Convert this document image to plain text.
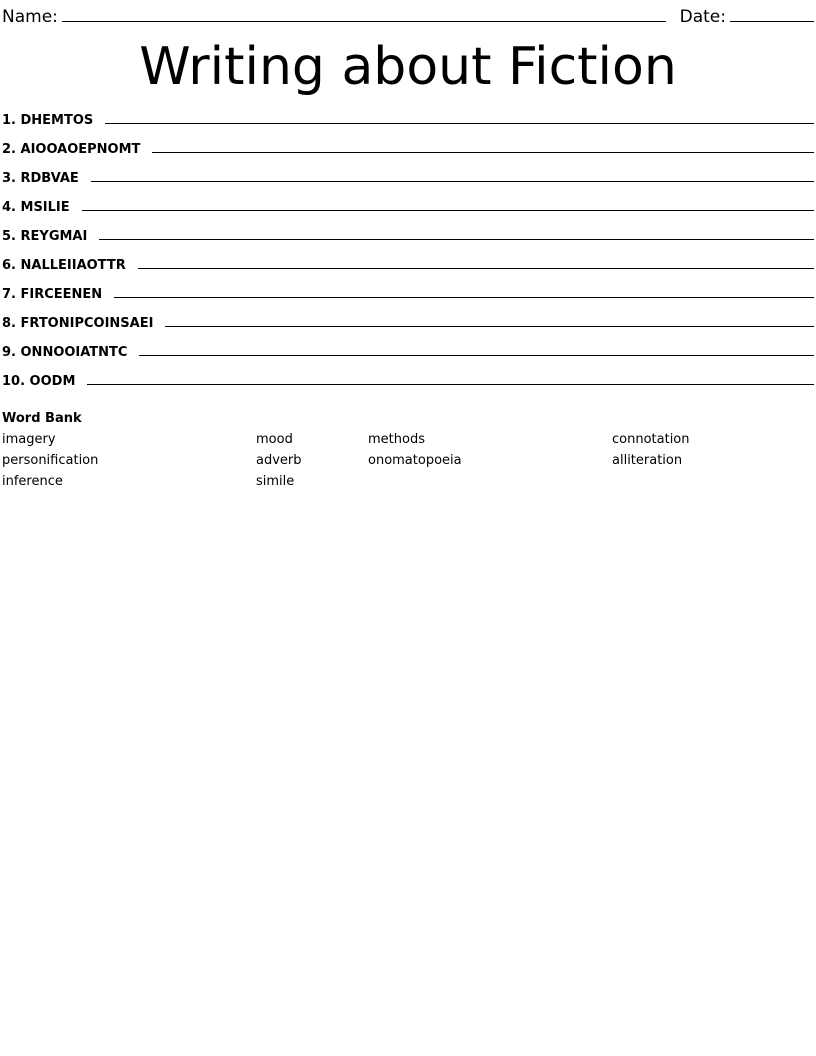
Name:	Date:
Writing about Fiction
1. DHEMTOS
2. AIOOAOEPNOMT
3. RDBVAE
4. MSILIE
5. REYGMAI
6. NALLEIIAOTTR
7. FIRCEENEN
8. FRTONIPCOINSAEI
9. ONNOOIATNTC
10. OODM
Word Bank
imagery	mood	methods	connotation
personification	adverb	onomatopoeia	alliteration
inference	simile
